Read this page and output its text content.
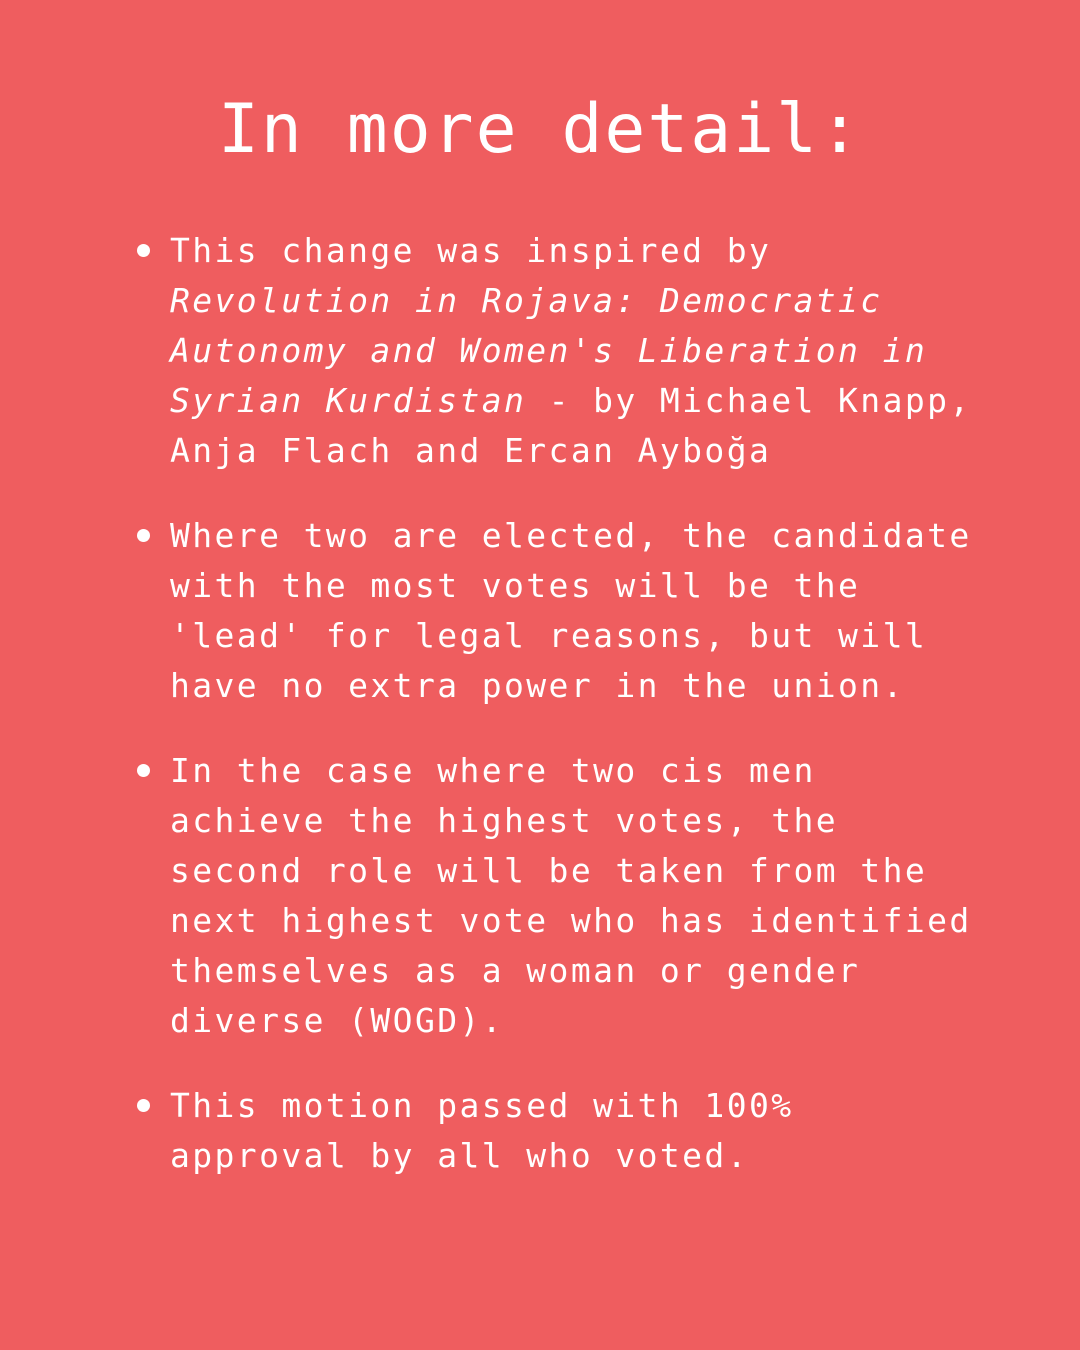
In more detail:
This change was inspired by Revolution in Rojava: Democratic Autonomy and Women's Liberation in Syrian Kurdistan - by Michael Knapp, Anja Flach and Ercan Ayboğa
Where two are elected, the candidate with the most votes will be the 'lead' for legal reasons, but will have no extra power in the union.
In the case where two cis men achieve the highest votes, the second role will be taken from the next highest vote who has identified themselves as a woman or gender diverse (WOGD).
This motion passed with 100% approval by all who voted.
